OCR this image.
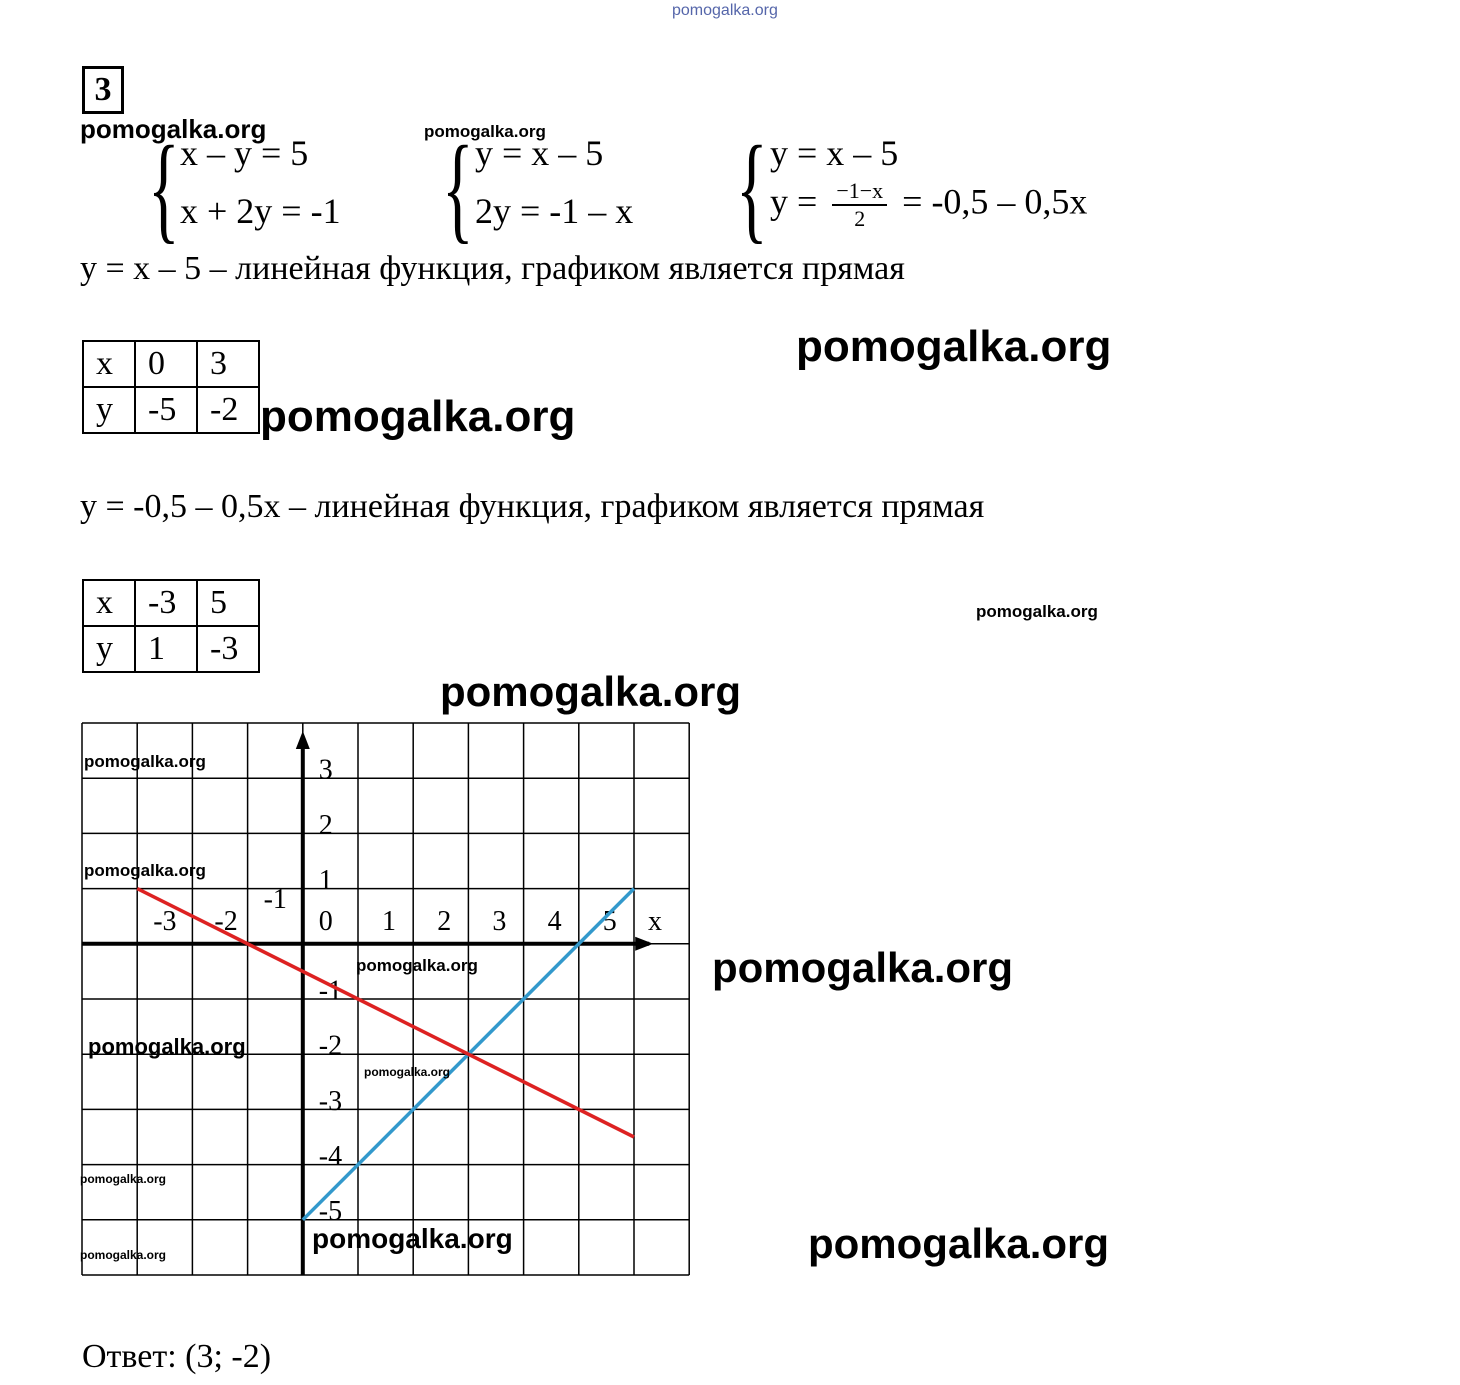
pomogalka.org
3
pomogalka.org	pomogalka.org
pomogalka.org
pomogalka.org
pomogalka.org
pomogalka.org
pomogalka.org
pomogalka.org
{ x – y = 5
x + 2y = -1 { y = x – 5
2y = -1 – x { y = x – 5
$y = \frac{-1-x}{2} = -0,5 - 0,5x$
y = x – 5 – линейная функция, графиком является прямая
x	0	3
y	-5	-2
y = -0,5 – 0,5x – линейная функция, графиком является прямая
x	-3	5
y	1	-3
-3 -2
-1
0 1 2 3 4 5 x
3
2
1
-1
-2
-3
-4
-5
pomogalka.org
pomogalka.org
pomogalka.org
pomogalka.org
pomogalka.org
pomogalka.org
pomogalka.org
pomogalka.org
Ответ: (3; -2)
